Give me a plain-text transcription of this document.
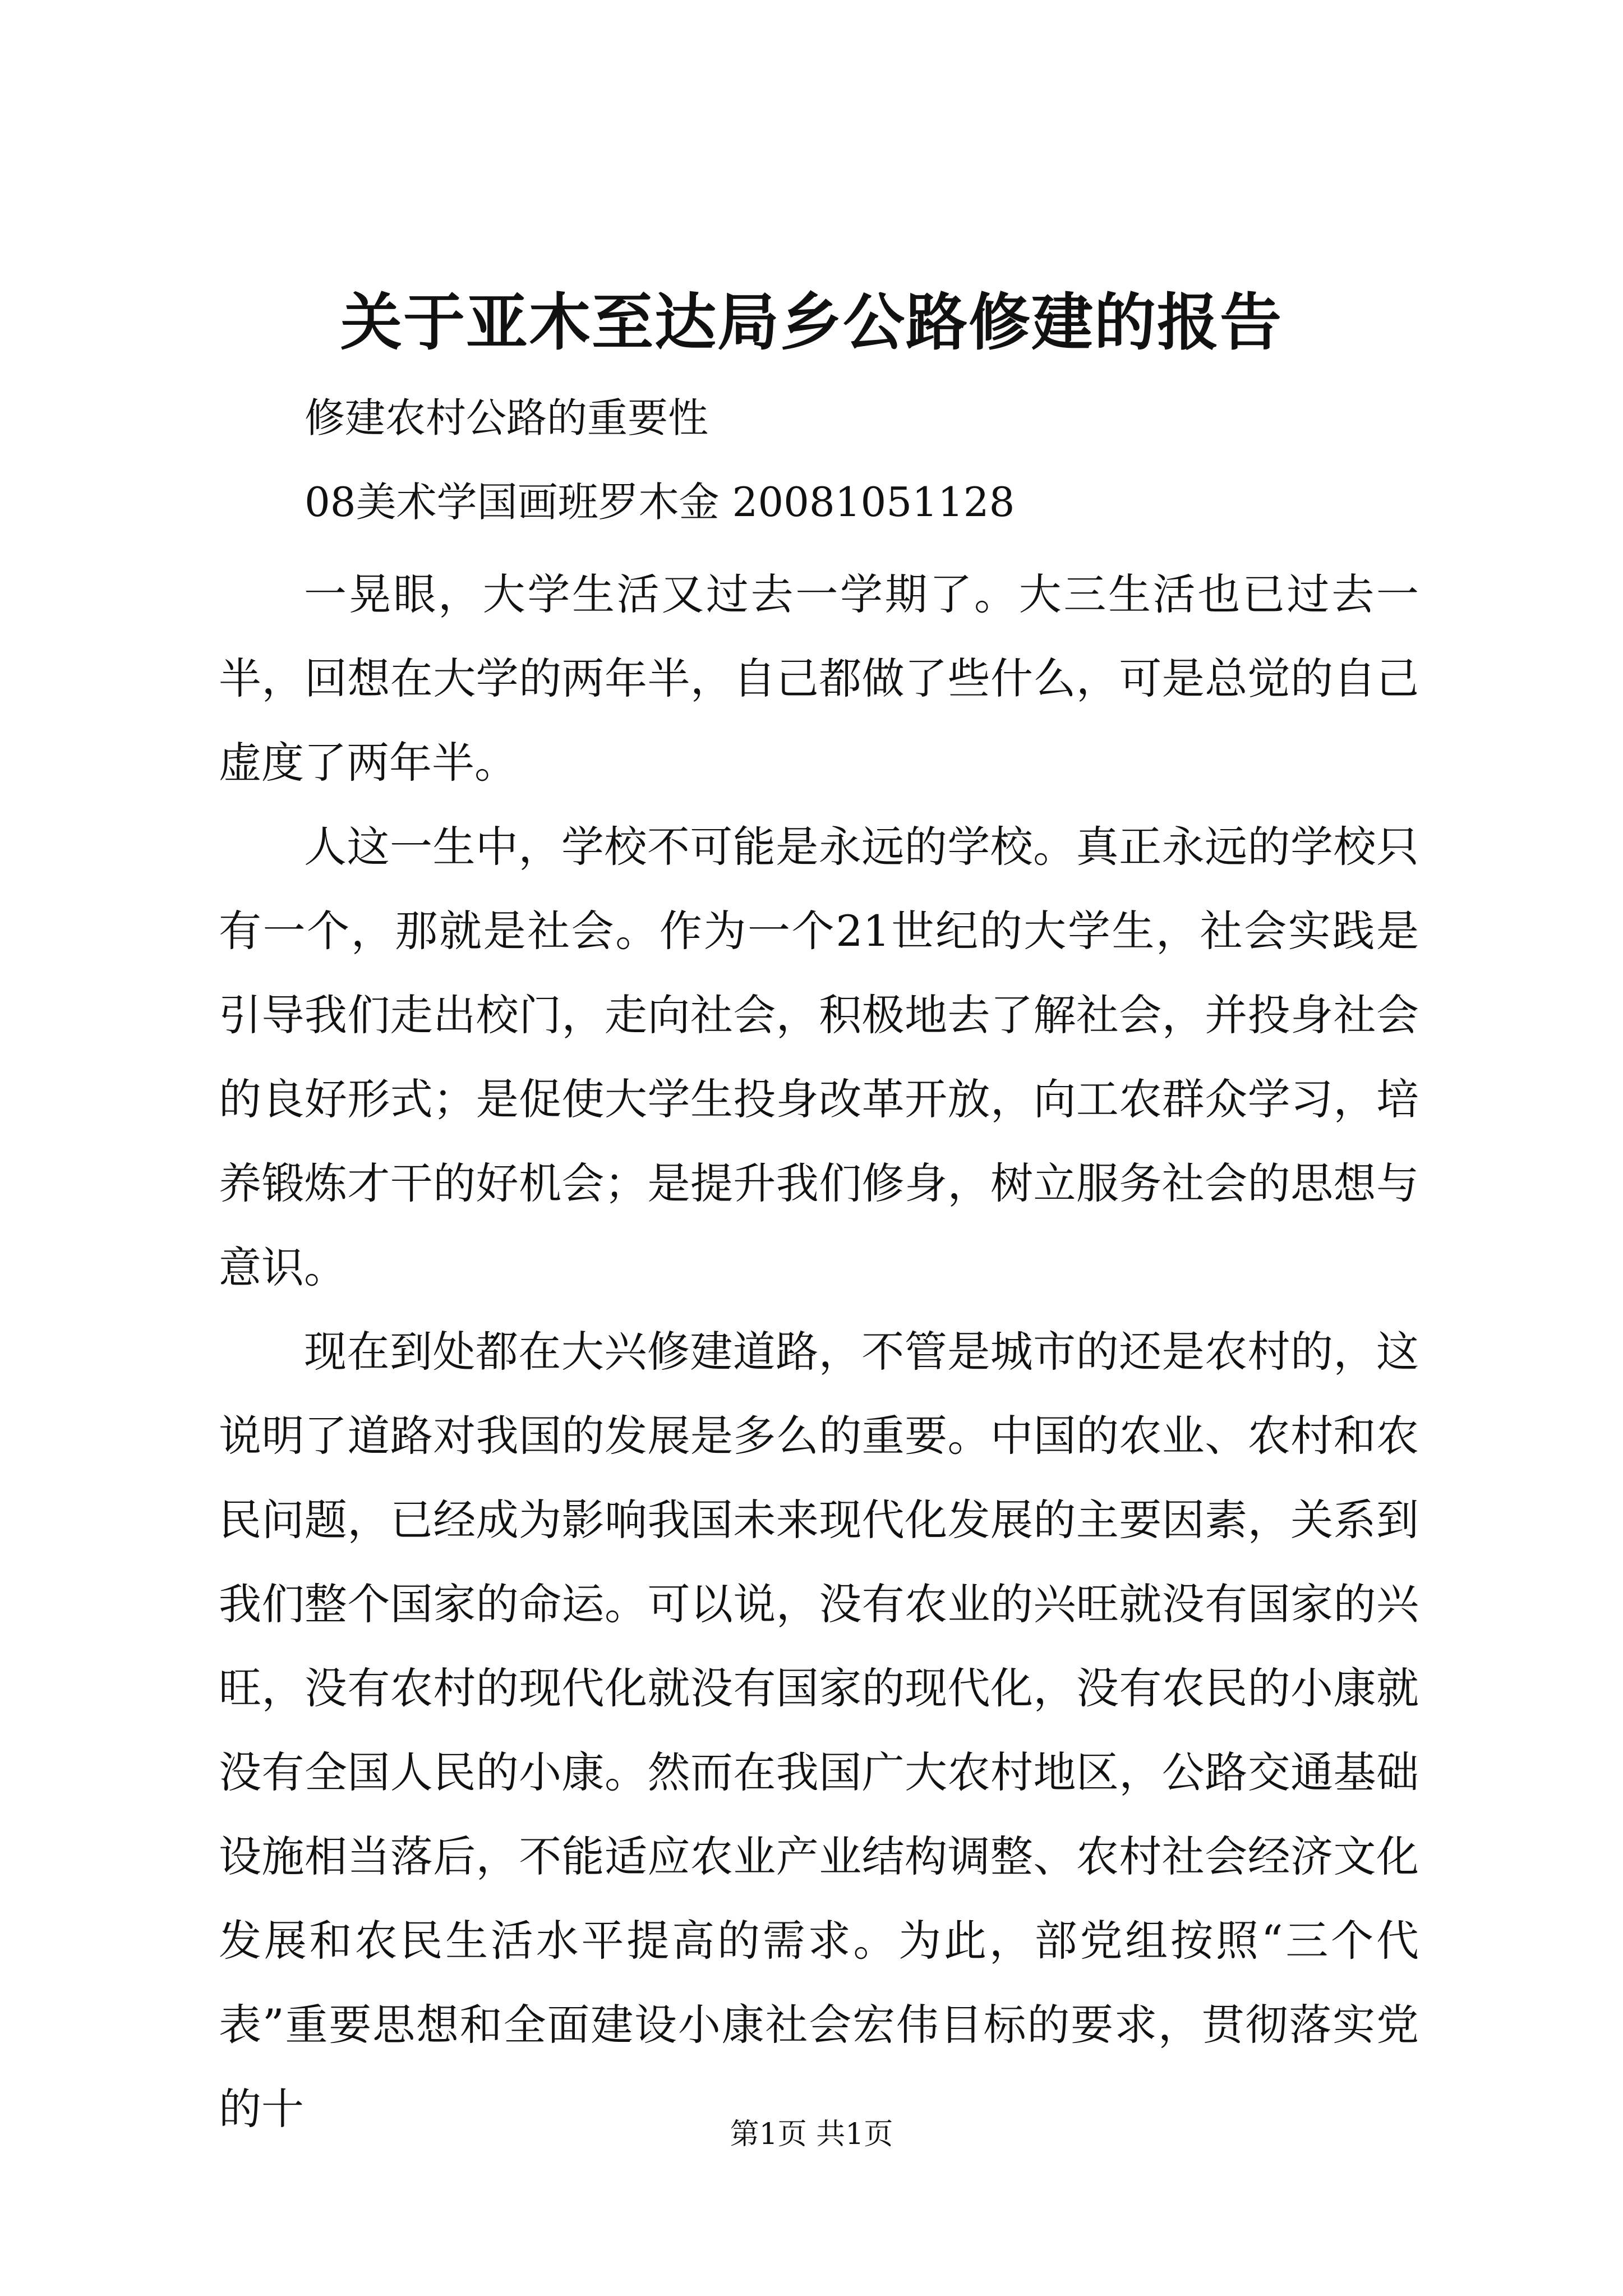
关于亚木至达局乡公路修建的报告
修建农村公路的重要性
08美术学国画班罗木金 20081051128

一晃眼，大学生活又过去一学期了。大三生活也已过去一半，回想在大学的两年半，自己都做了些什么，可是总觉的自己虚度了两年半。

人这一生中，学校不可能是永远的学校。真正永远的学校只有一个，那就是社会。作为一个21世纪的大学生，社会实践是引导我们走出校门，走向社会，积极地去了解社会，并投身社会的良好形式；是促使大学生投身改革开放，向工农群众学习，培养锻炼才干的好机会；是提升我们修身，树立服务社会的思想与意识。

现在到处都在大兴修建道路，不管是城市的还是农村的，这说明了道路对我国的发展是多么的重要。中国的农业、农村和农民问题，已经成为影响我国未来现代化发展的主要因素，关系到我们整个国家的命运。可以说，没有农业的兴旺就没有国家的兴旺，没有农村的现代化就没有国家的现代化，没有农民的小康就没有全国人民的小康。然而在我国广大农村地区，公路交通基础设施相当落后，不能适应农业产业结构调整、农村社会经济文化发展和农民生活水平提高的需求。为此，部党组按照“三个代表”重要思想和全面建设小康社会宏伟目标的要求，贯彻落实党的十

第1页 共1页
